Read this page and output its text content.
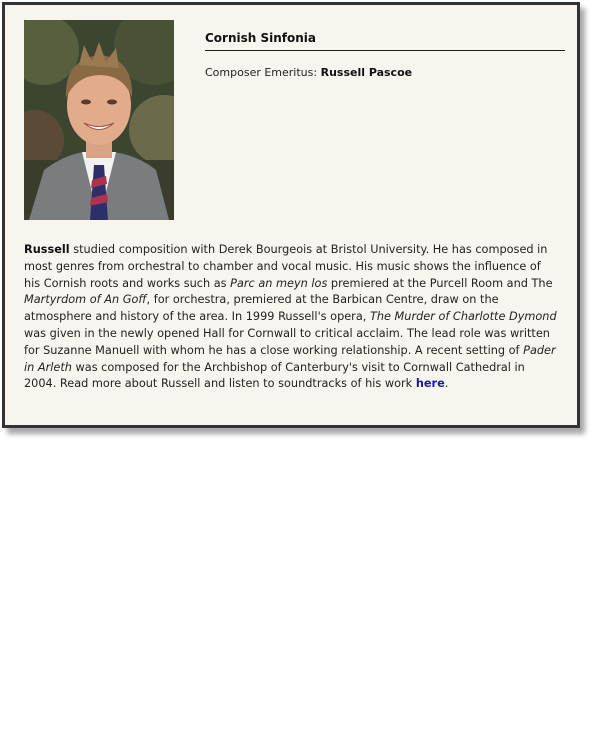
Cornish Sinfonia
Composer Emeritus: Russell Pascoe
Russell studied composition with Derek Bourgeois at Bristol University. He has composed in most genres from orchestral to chamber and vocal music. His music shows the influence of his Cornish roots and works such as Parc an meyn los premiered at the Purcell Room and The Martyrdom of An Goff, for orchestra, premiered at the Barbican Centre, draw on the atmosphere and history of the area. In 1999 Russell's opera, The Murder of Charlotte Dymond was given in the newly opened Hall for Cornwall to critical acclaim. The lead role was written for Suzanne Manuell with whom he has a close working relationship. A recent setting of Pader in Arleth was composed for the Archbishop of Canterbury's visit to Cornwall Cathedral in 2004. Read more about Russell and listen to soundtracks of his work here.
